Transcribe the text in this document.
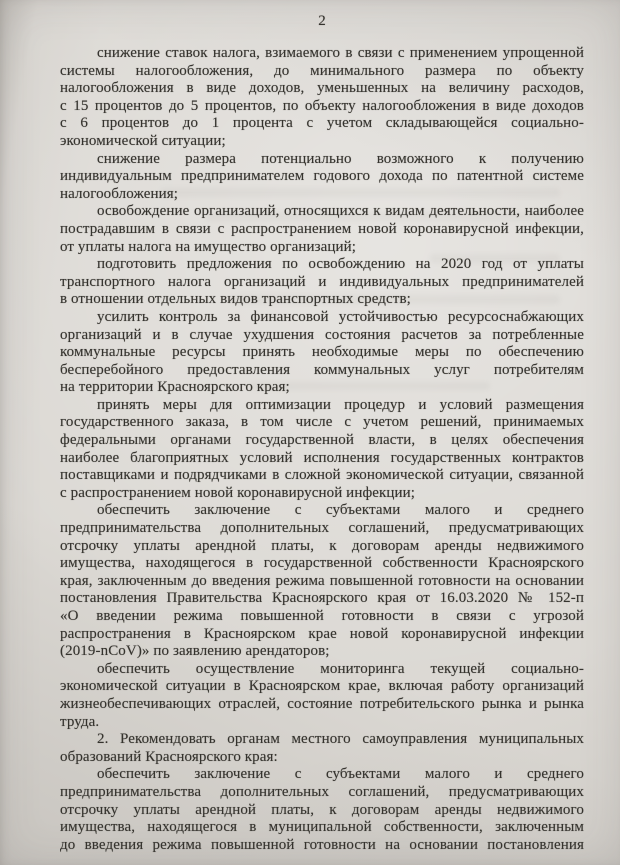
2
снижение ставок налога, взимаемого в связи с применением упрощенной
системы налогообложения, до минимального размера по объекту
налогообложения в виде доходов, уменьшенных на величину расходов,
с 15 процентов до 5 процентов, по объекту налогообложения в виде доходов
с 6 процентов до 1 процента с учетом складывающейся социально-
экономической ситуации;
снижение размера потенциально возможного к получению
индивидуальным предпринимателем годового дохода по патентной системе
налогообложения;
освобождение организаций, относящихся к видам деятельности, наиболее
пострадавшим в связи с распространением новой коронавирусной инфекции,
от уплаты налога на имущество организаций;
подготовить предложения по освобождению на 2020 год от уплаты
транспортного налога организаций и индивидуальных предпринимателей
в отношении отдельных видов транспортных средств;
усилить контроль за финансовой устойчивостью ресурсоснабжающих
организаций и в случае ухудшения состояния расчетов за потребленные
коммунальные ресурсы принять необходимые меры по обеспечению
бесперебойного предоставления коммунальных услуг потребителям
на территории Красноярского края;
принять меры для оптимизации процедур и условий размещения
государственного заказа, в том числе с учетом решений, принимаемых
федеральными органами государственной власти, в целях обеспечения
наиболее благоприятных условий исполнения государственных контрактов
поставщиками и подрядчиками в сложной экономической ситуации, связанной
с распространением новой коронавирусной инфекции;
обеспечить заключение с субъектами малого и среднего
предпринимательства дополнительных соглашений, предусматривающих
отсрочку уплаты арендной платы, к договорам аренды недвижимого
имущества, находящегося в государственной собственности Красноярского
края, заключенным до введения режима повышенной готовности на основании
постановления Правительства Красноярского края от 16.03.2020 № 152-п
«О введении режима повышенной готовности в связи с угрозой
распространения в Красноярском крае новой коронавирусной инфекции
(2019-nCoV)» по заявлению арендаторов;
обеспечить осуществление мониторинга текущей социально-
экономической ситуации в Красноярском крае, включая работу организаций
жизнеобеспечивающих отраслей, состояние потребительского рынка и рынка
труда.
2. Рекомендовать органам местного самоуправления муниципальных
образований Красноярского края:
обеспечить заключение с субъектами малого и среднего
предпринимательства дополнительных соглашений, предусматривающих
отсрочку уплаты арендной платы, к договорам аренды недвижимого
имущества, находящегося в муниципальной собственности, заключенным
до введения режима повышенной готовности на основании постановления
